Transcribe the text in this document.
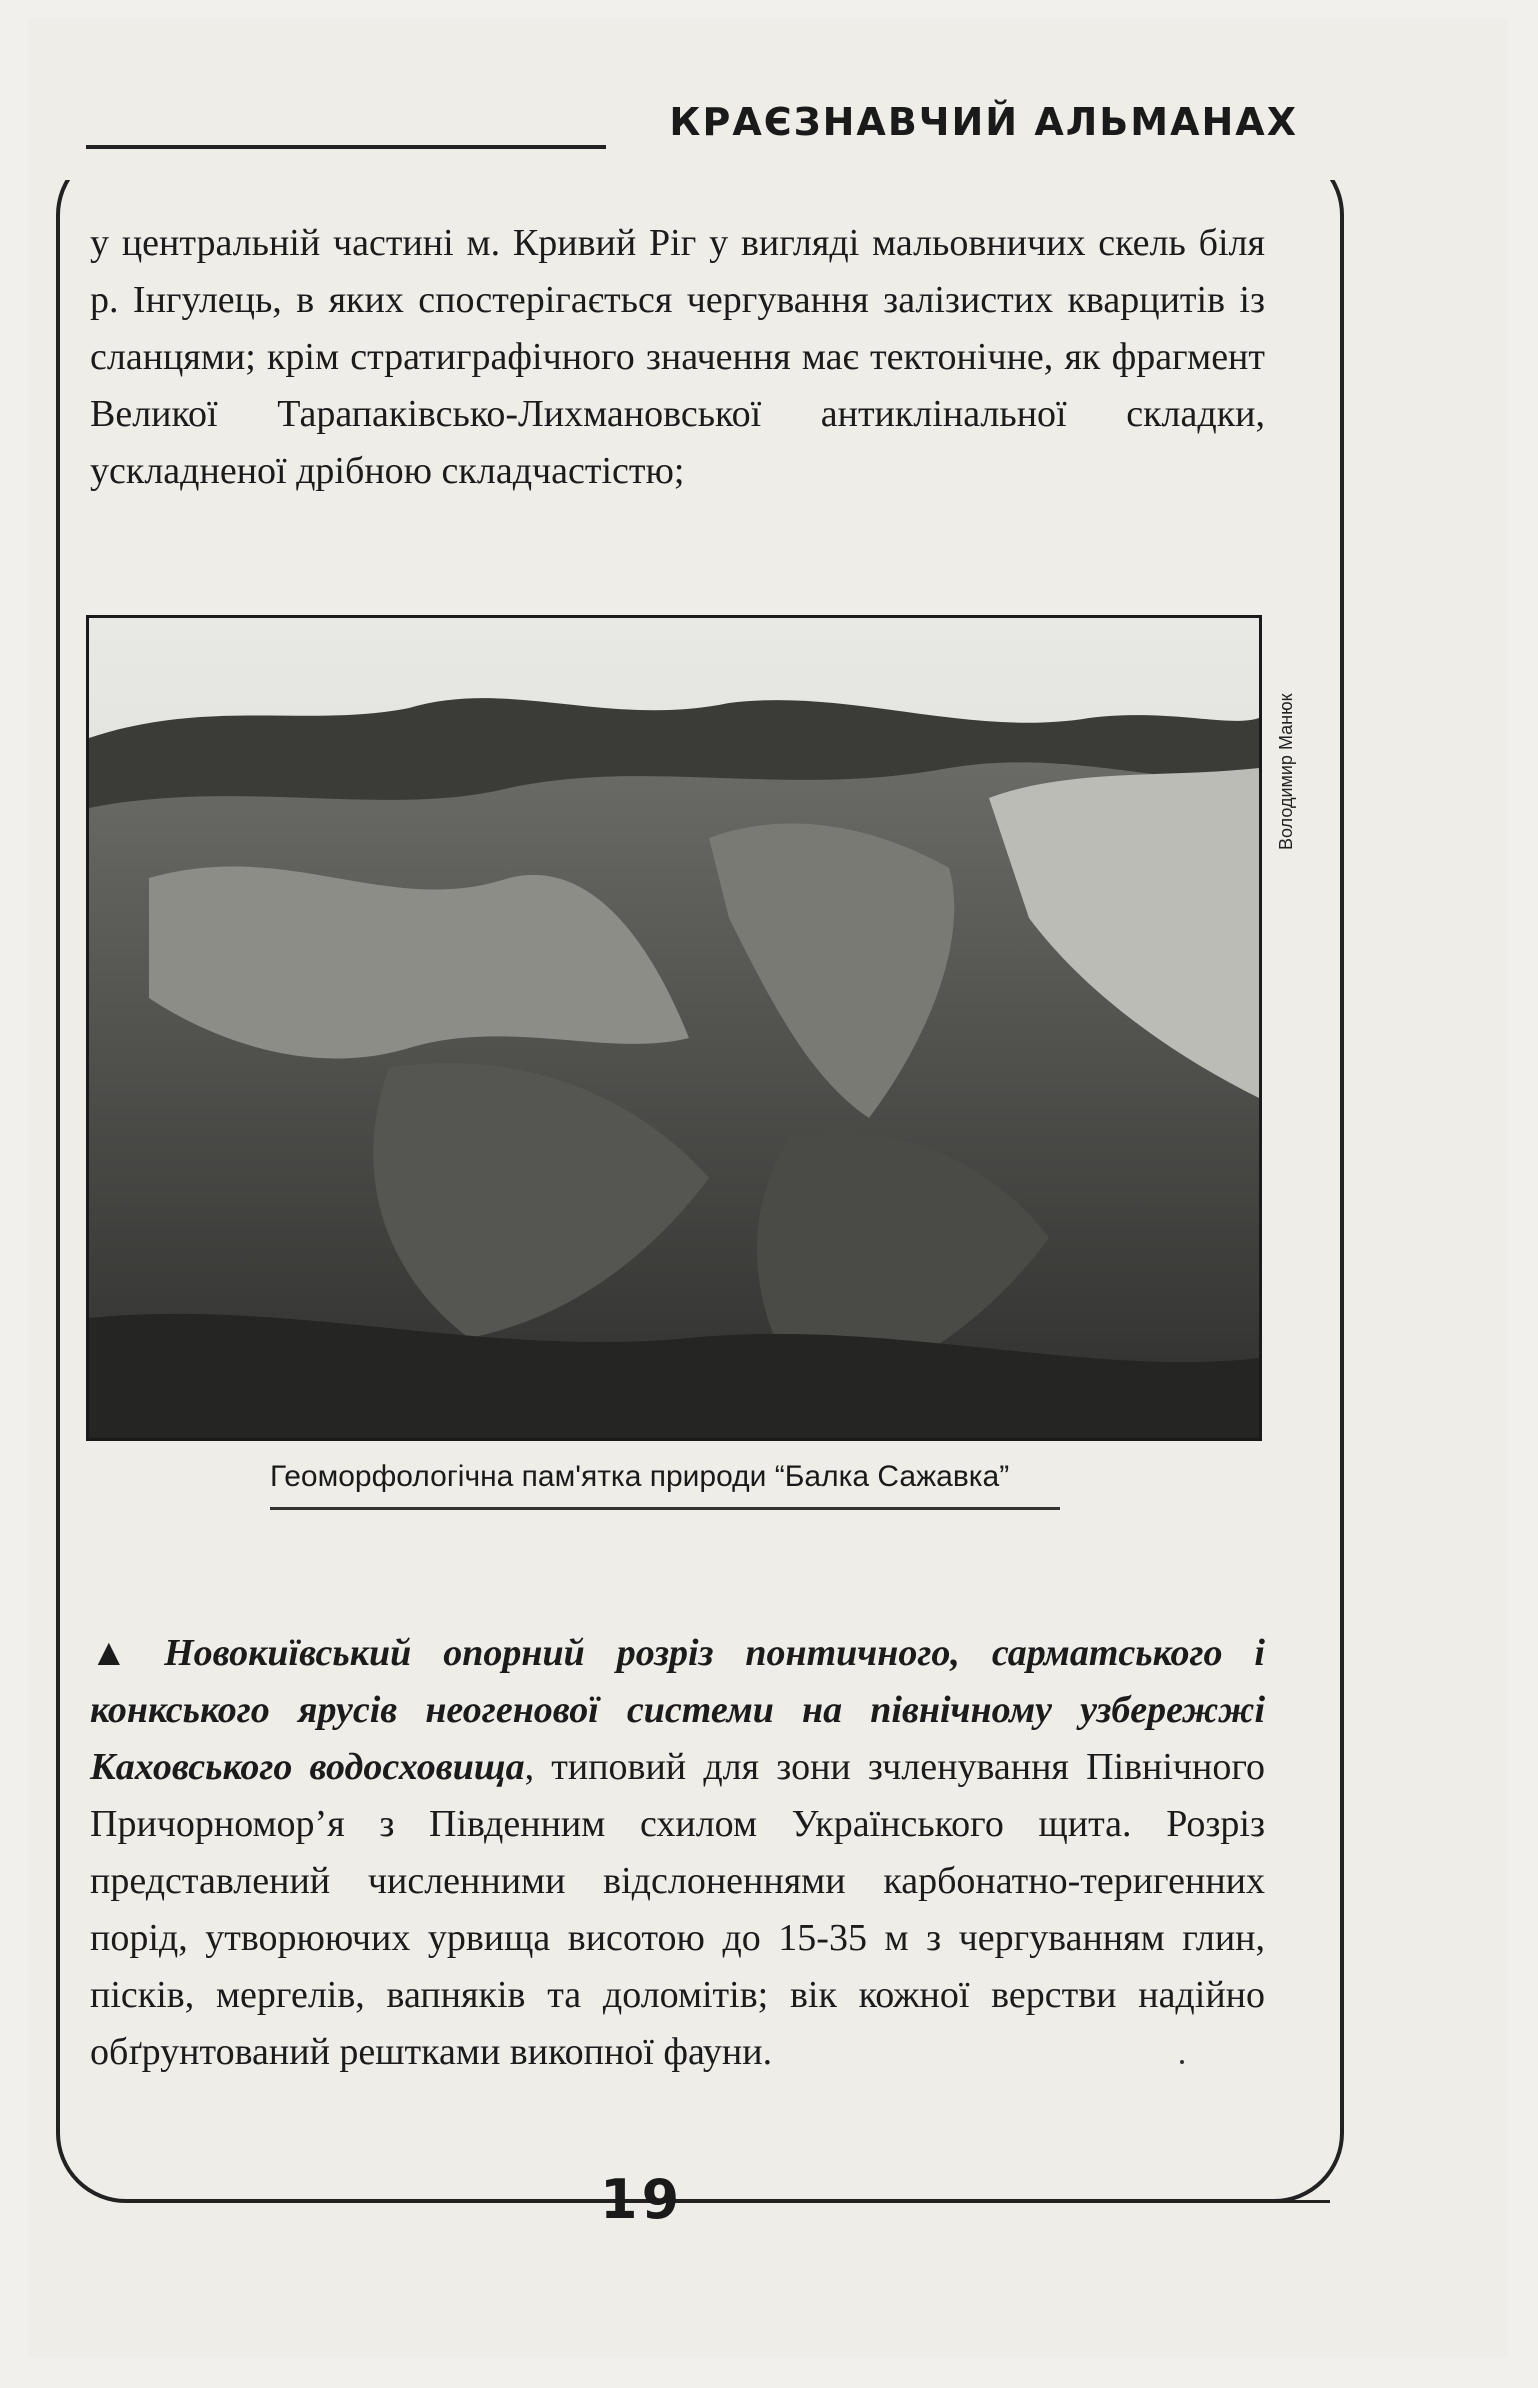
КРАЄЗНАВЧИЙ АЛЬМАНАХ
у центральній частині м. Кривий Ріг у вигляді мальовничих скель біля р. Інгулець, в яких спостерігається чергування залізистих кварцитів із сланцями; крім стратиграфічного значення має тектонічне, як фрагмент Великої Тарапаківсько-Лихмановської антиклінальної складки, ускладненої дрібною складчастістю;
Володимир Манюк
Геоморфологічна пам'ятка природи “Балка Сажавка”
▲ Новокиївський опорний розріз понтичного, сарматського і конкського ярусів неогенової системи на північному узбережжі Каховського водосховища, типовий для зони зчленування Північного Причорномор’я з Південним схилом Українського щита. Розріз представлений численними відслоненнями карбонатно-теригенних порід, утворюючих урвища висотою до 15-35 м з чергуванням глин, пісків, мергелів, вапняків та доломітів; вік кожної верстви надійно обґрунтований рештками викопної фауни.
19
